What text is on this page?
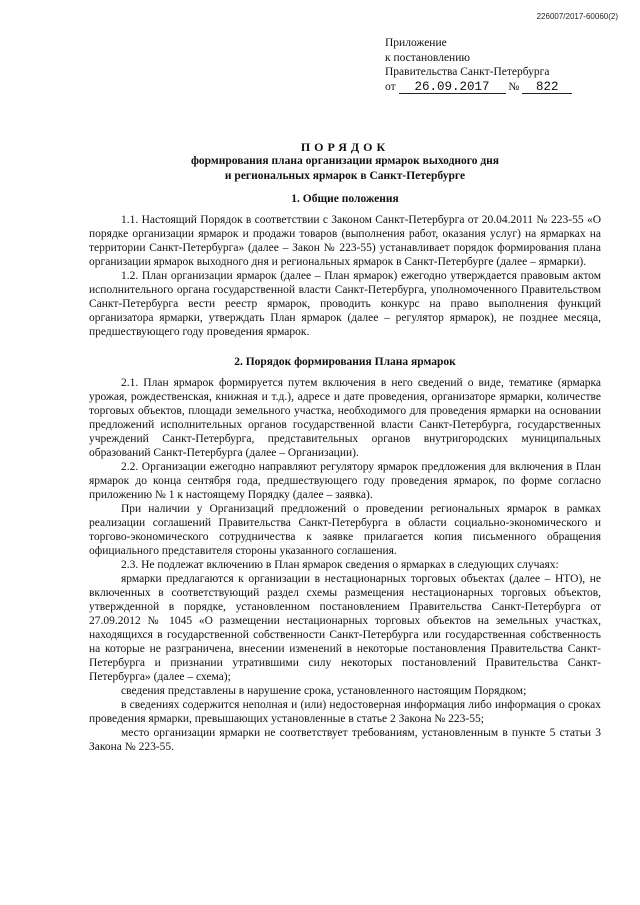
226007/2017-60060(2)
Приложение
к постановлению
Правительства Санкт-Петербурга
от 26.09.2017 № 822
ПОРЯДОК
формирования плана организации ярмарок выходного дня
и региональных ярмарок в Санкт-Петербурге
1. Общие положения

1.1. Настоящий Порядок в соответствии с Законом Санкт-Петербурга от 20.04.2011 № 223-55 «О порядке организации ярмарок и продажи товаров (выполнения работ, оказания услуг) на ярмарках на территории Санкт-Петербурга» (далее – Закон № 223-55) устанавливает порядок формирования плана организации ярмарок выходного дня и региональных ярмарок в Санкт-Петербурге (далее – ярмарки).

1.2. План организации ярмарок (далее – План ярмарок) ежегодно утверждается правовым актом исполнительного органа государственной власти Санкт-Петербурга, уполномоченного Правительством Санкт-Петербурга вести реестр ярмарок, проводить конкурс на право выполнения функций организатора ярмарки, утверждать План ярмарок (далее – регулятор ярмарок), не позднее месяца, предшествующего году проведения ярмарок.

2. Порядок формирования Плана ярмарок

2.1. План ярмарок формируется путем включения в него сведений о виде, тематике (ярмарка урожая, рождественская, книжная и т.д.), адресе и дате проведения, организаторе ярмарки, количестве торговых объектов, площади земельного участка, необходимого для проведения ярмарки на основании предложений исполнительных органов государственной власти Санкт-Петербурга, государственных учреждений Санкт-Петербурга, представительных органов внутригородских муниципальных образований Санкт-Петербурга (далее – Организации).

2.2. Организации ежегодно направляют регулятору ярмарок предложения для включения в План ярмарок до конца сентября года, предшествующего году проведения ярмарок, по форме согласно приложению № 1 к настоящему Порядку (далее – заявка).

При наличии у Организаций предложений о проведении региональных ярмарок в рамках реализации соглашений Правительства Санкт-Петербурга в области социально-экономического и торгово-экономического сотрудничества к заявке прилагается копия письменного обращения официального представителя стороны указанного соглашения.

2.3. Не подлежат включению в План ярмарок сведения о ярмарках в следующих случаях:

ярмарки предлагаются к организации в нестационарных торговых объектах (далее – НТО), не включенных в соответствующий раздел схемы размещения нестационарных торговых объектов, утвержденной в порядке, установленном постановлением Правительства Санкт-Петербурга от 27.09.2012 № 1045 «О размещении нестационарных торговых объектов на земельных участках, находящихся в государственной собственности Санкт-Петербурга или государственная собственность на которые не разграничена, внесении изменений в некоторые постановления Правительства Санкт-Петербурга и признании утратившими силу некоторых постановлений Правительства Санкт-Петербурга» (далее – схема);

сведения представлены в нарушение срока, установленного настоящим Порядком;

в сведениях содержится неполная и (или) недостоверная информация либо информация о сроках проведения ярмарки, превышающих установленные в статье 2 Закона № 223-55;

место организации ярмарки не соответствует требованиям, установленным в пункте 5 статьи 3 Закона № 223-55.
